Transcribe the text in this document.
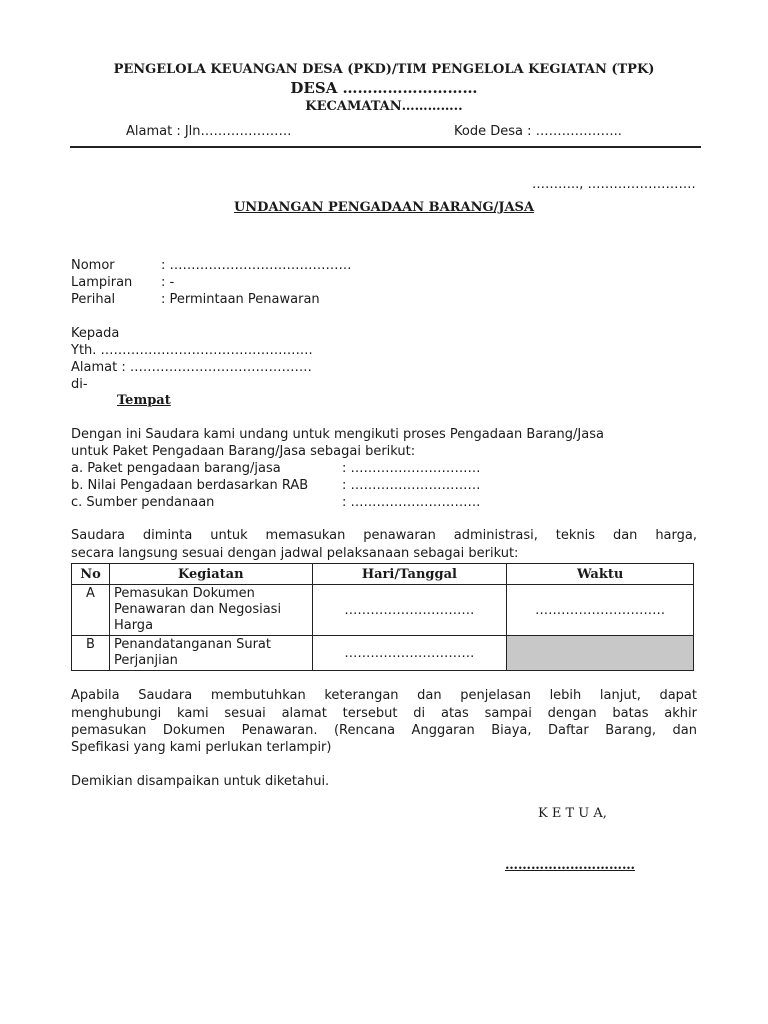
PENGELOLA KEUANGAN DESA (PKD)/TIM PENGELOLA KEGIATAN (TPK)
DESA ………………………
KECAMATAN…………..
Alamat : Jln…………………	Kode Desa : ………………..
……….., …………………….
UNDANGAN PENGADAAN BARANG/JASA
Nomor	: ……………………………………
Lampiran : -
Perihal	: Permintaan Penawaran
Kepada
Yth. ………………………………………….
Alamat : ……………………………………
di-
Tempat
Dengan ini Saudara kami undang untuk mengikuti proses Pengadaan Barang/Jasa
untuk Paket Pengadaan Barang/Jasa sebagai berikut:
a. Paket pengadaan barang/jasa	: …………………………
b. Nilai Pengadaan berdasarkan RAB	: …………………………
c. Sumber pendanaan	: …………………………
Saudara diminta untuk memasukan penawaran administrasi, teknis dan harga,
secara langsung sesuai dengan jadwal pelaksanaan sebagai berikut:
No	Kegiatan	Hari/Tanggal	Waktu
A	Pemasukan Dokumen
Penawaran dan Negosiasi
Harga	…………………………	…………………………
B	Penandatanganan Surat
Perjanjian	…………………………	
Apabila Saudara membutuhkan keterangan dan penjelasan lebih lanjut, dapat
menghubungi kami sesuai alamat tersebut di atas sampai dengan batas akhir
pemasukan Dokumen Penawaran. (Rencana Anggaran Biaya, Daftar Barang, dan
Spefikasi yang kami perlukan terlampir)
Demikian disampaikan untuk diketahui.
K E T U A,
…………………………
